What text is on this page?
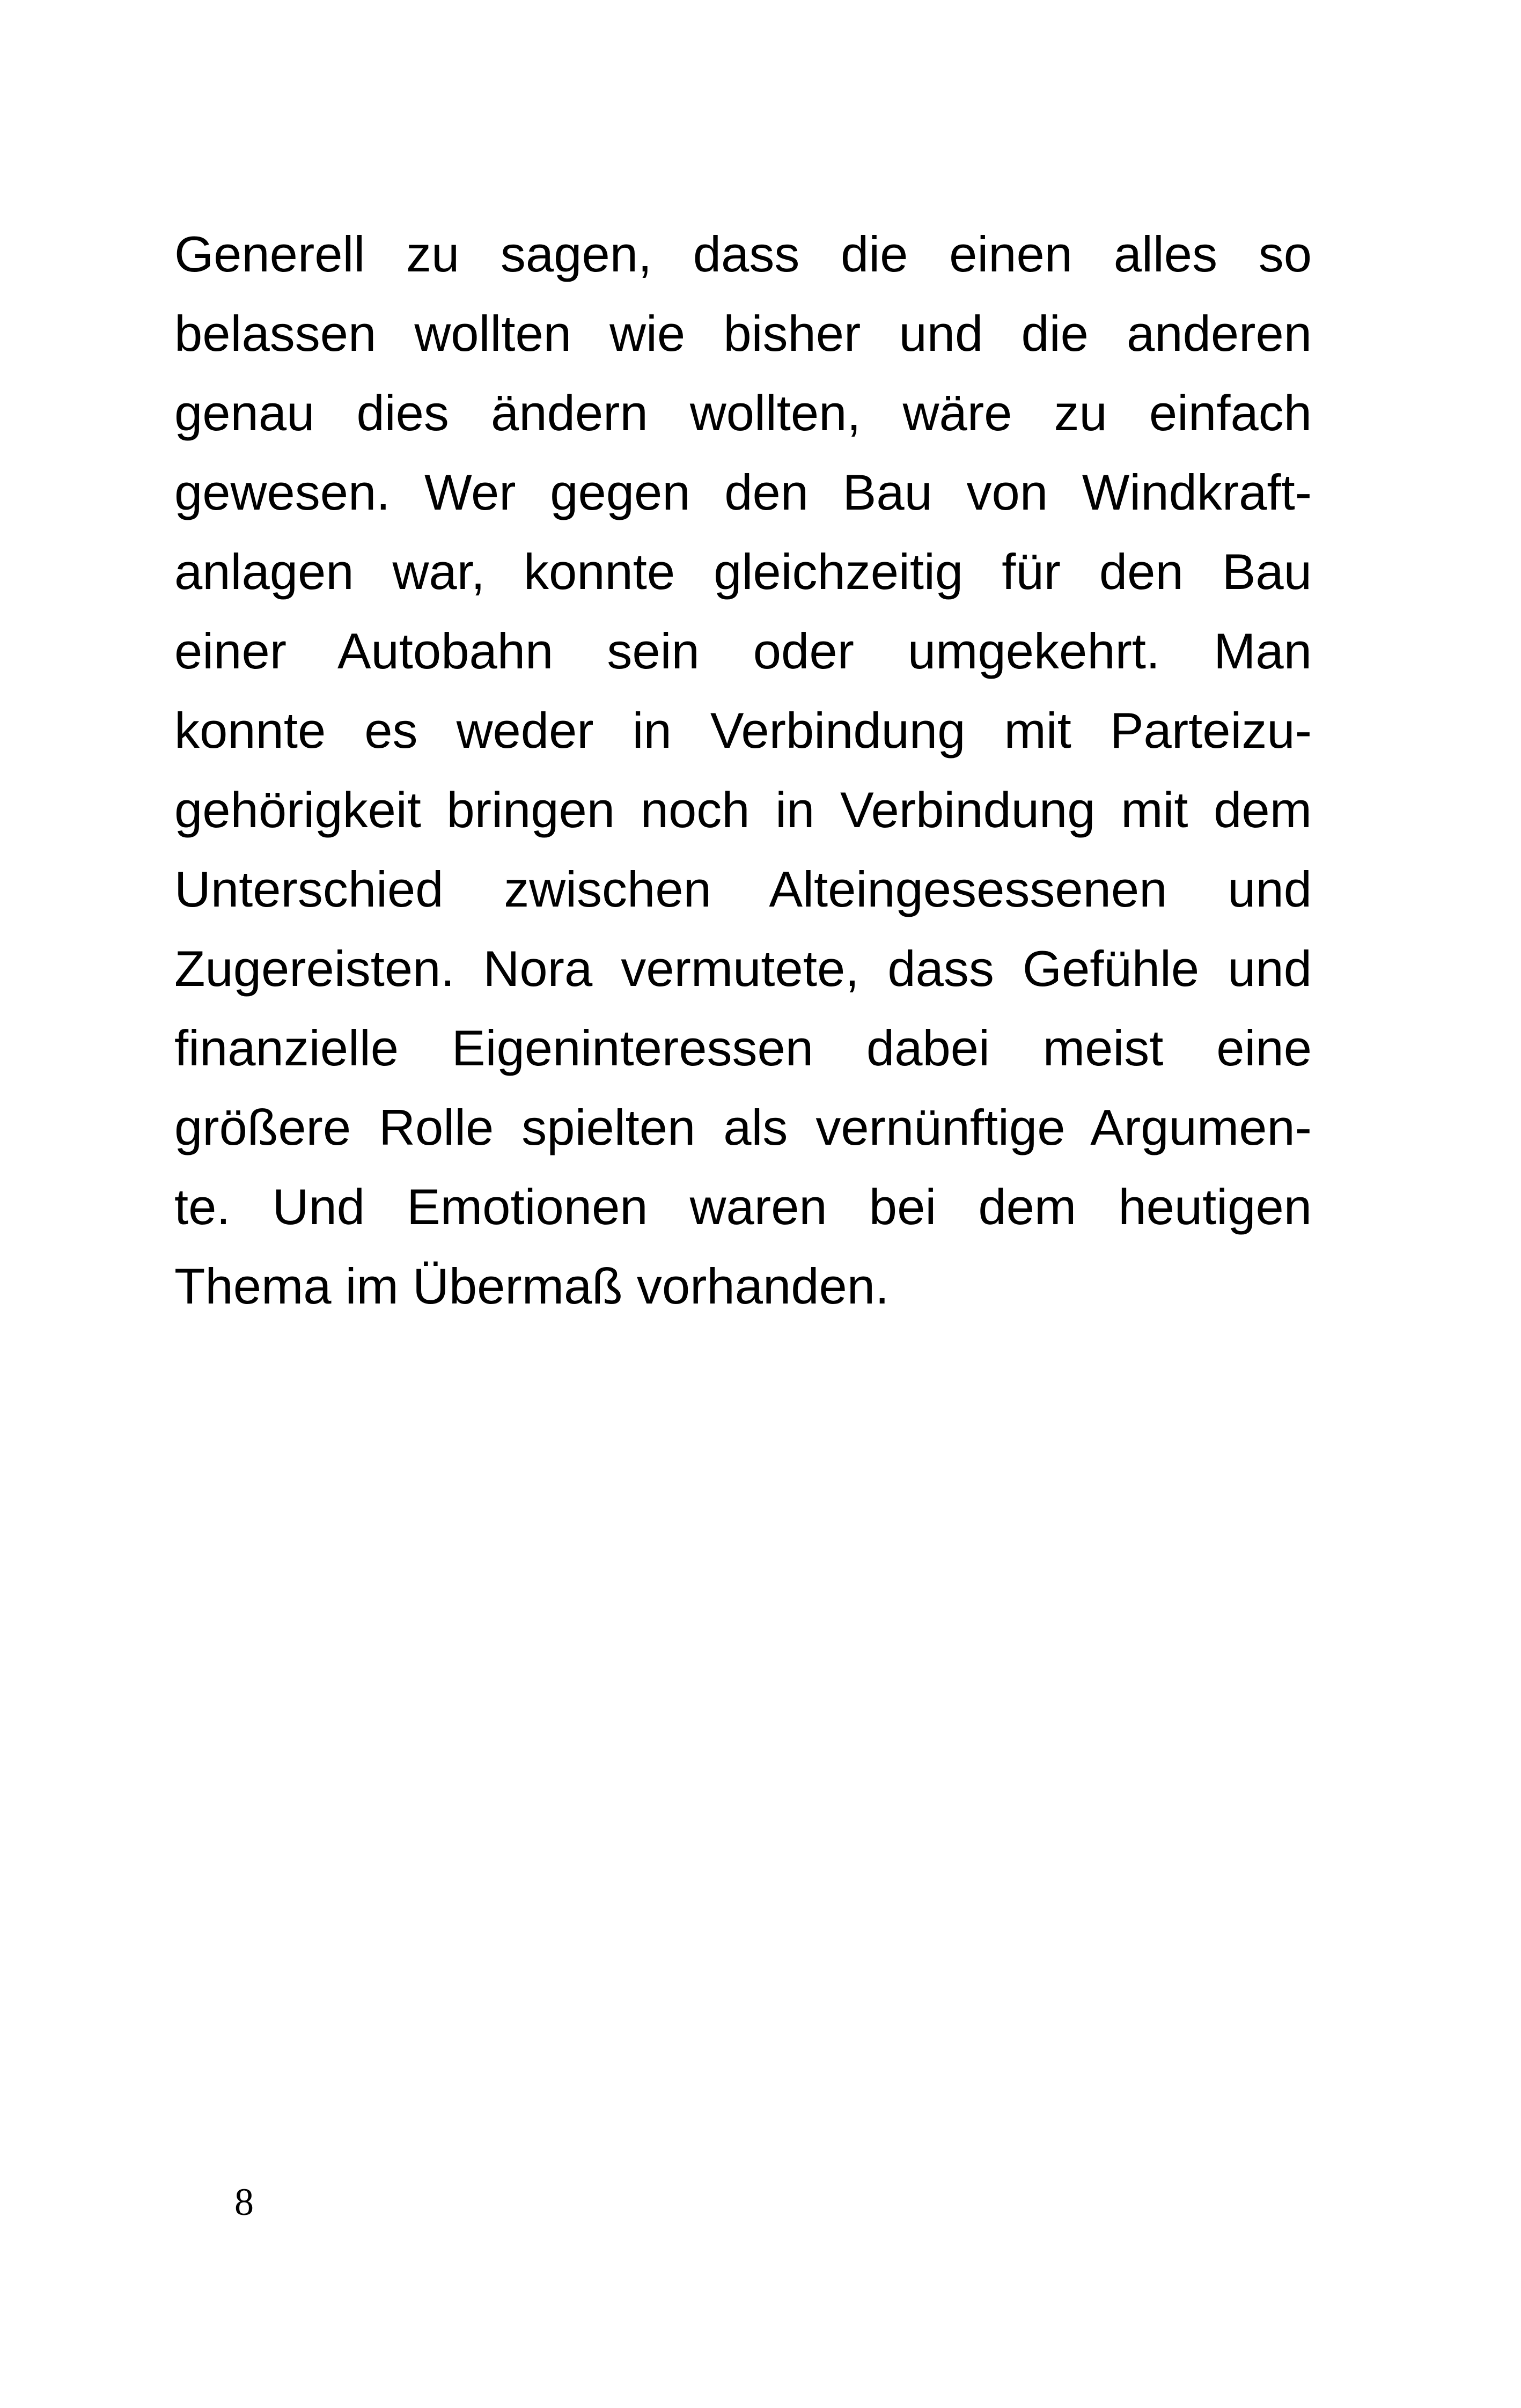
Generell zu sagen, dass die einen alles so
belassen wollten wie bisher und die anderen
genau dies ändern wollten, wäre zu einfach
gewesen. Wer gegen den Bau von Windkraft-
anlagen war, konnte gleichzeitig für den Bau
einer Autobahn sein oder umgekehrt. Man
konnte es weder in Verbindung mit Parteizu-
gehörigkeit bringen noch in Verbindung mit dem
Unterschied zwischen Alteingesessenen und
Zugereisten. Nora vermutete, dass Gefühle und
finanzielle Eigeninteressen dabei meist eine
größere Rolle spielten als vernünftige Argumen-
te. Und Emotionen waren bei dem heutigen
Thema im Übermaß vorhanden.
8
